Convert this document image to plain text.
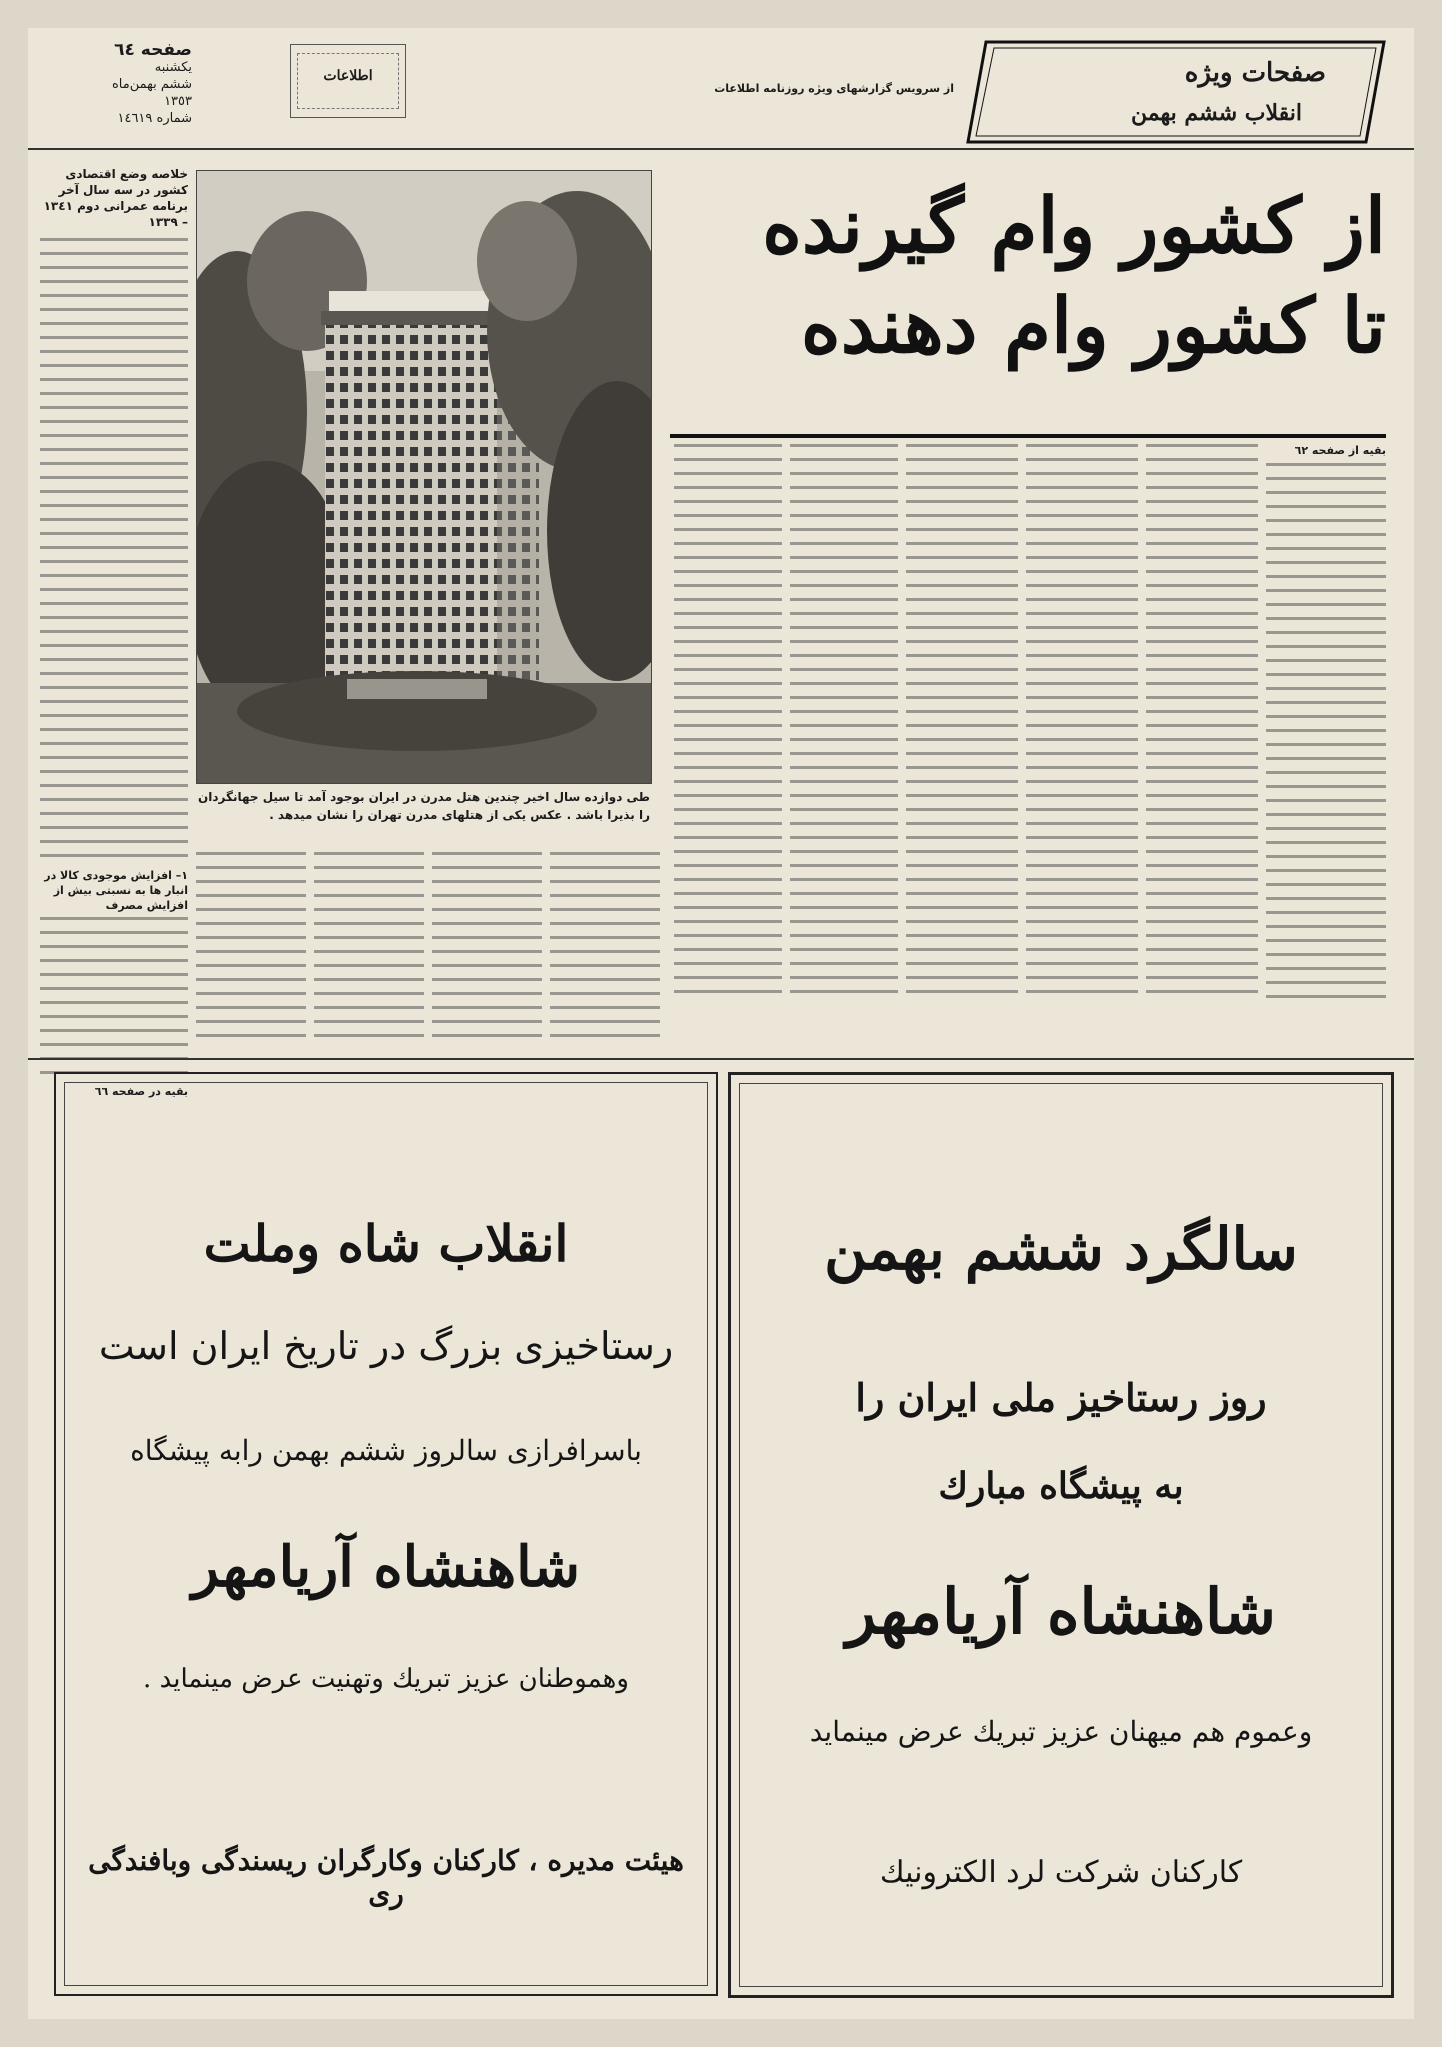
صفحه ٦٤
يكشنبه
ششم بهمن‌ماه
١٣٥٣
شماره ١٤٦١٩
اطلاعات
از سرويس گزارشهای ويژه روزنامه اطلاعات
صفحات ويژه
انقلاب ششم بهمن
از كشور وام گيرنده
تا كشور وام دهنده
طی دوازده سال اخير چندين هتل مدرن در ايران بوجود آمد تا سيل جهانگردان را بذيرا باشد . عكس يكی از هتلهای مدرن تهران را نشان ميدهد .
خلاصه وضع اقتصادی كشور در سه سال آخر برنامه عمرانی دوم ١٣٤١ – ١٣٣٩
١– افزايش موجودی كالا در انبار ها به نسبتی بيش از افزايش مصرف
بقيه در صفحه ٦٦
بقيه از صفحه ٦٢
انقلاب شاه وملت
رستاخيزی بزرگ در تاريخ ايران است
باسرافرازی سالروز ششم بهمن رابه پيشگاه
شاهنشاه آريامهر
وهموطنان عزيز تبريك وتهنيت عرض مينمايد .
هيئت مديره ، كاركنان وكارگران ريسندگی وبافندگی ری
سالگرد ششم بهمن
روز رستاخيز ملی ايران را
به پيشگاه مبارك
شاهنشاه آريامهر
وعموم هم ميهنان عزيز تبريك عرض مينمايد
كاركنان شركت لرد الكترونيك
